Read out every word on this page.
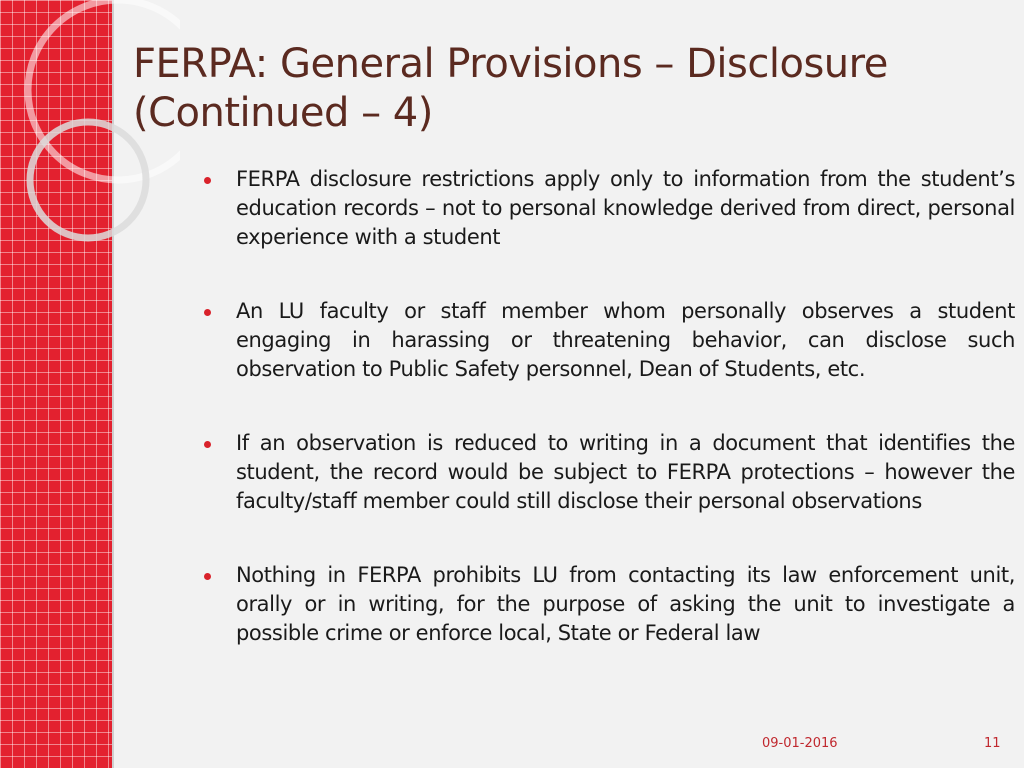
FERPA: General Provisions – Disclosure
(Continued – 4)
FERPA disclosure restrictions apply only to information from the student’s education records – not to personal knowledge derived from direct, personal experience with a student
An LU faculty or staff member whom personally observes a student engaging in harassing or threatening behavior, can disclose such observation to Public Safety personnel, Dean of Students, etc.
If an observation is reduced to writing in a document that identifies the student, the record would be subject to FERPA protections – however the faculty/staff member could still disclose their personal observations
Nothing in FERPA prohibits LU from contacting its law enforcement unit, orally or in writing, for the purpose of asking the unit to investigate a possible crime or enforce local, State or Federal law
09-01-2016	11
